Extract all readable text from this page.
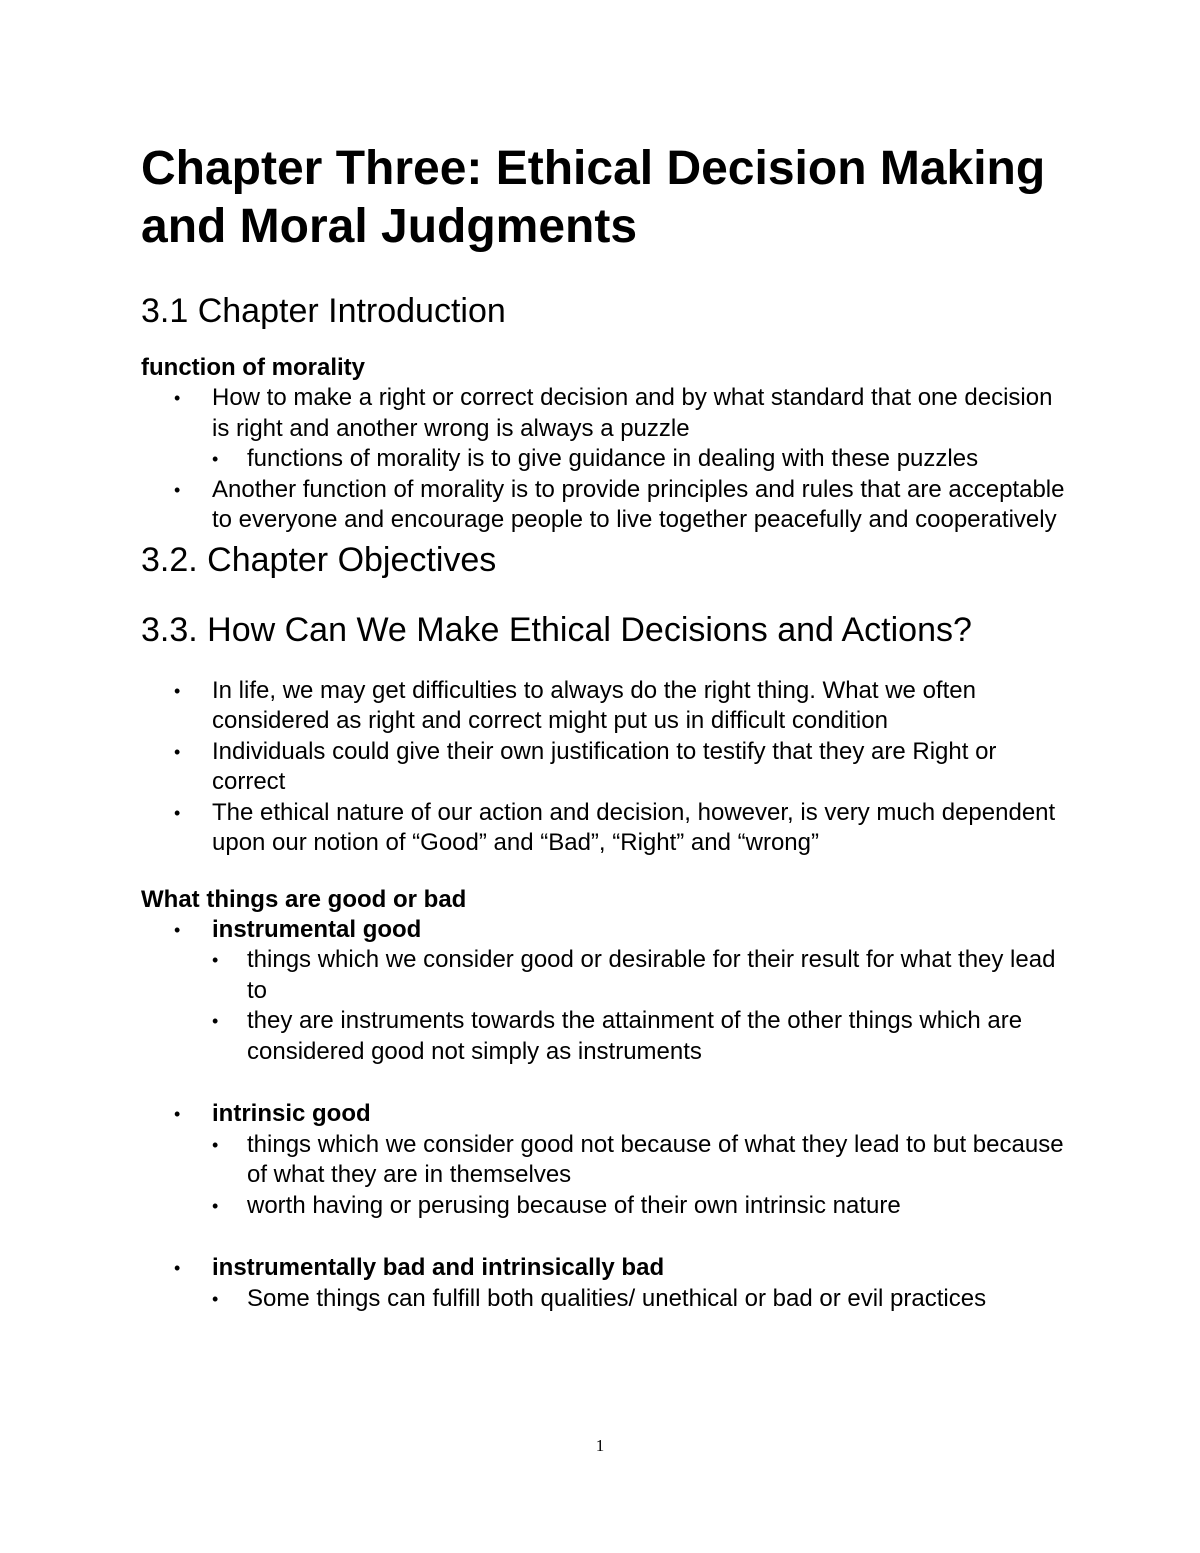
Chapter Three: Ethical Decision Making and Moral Judgments
3.1 Chapter Introduction

function of morality

• How to make a right or correct decision and by what standard that one decision is right and another wrong is always a puzzle
• functions of morality is to give guidance in dealing with these puzzles
• Another function of morality is to provide principles and rules that are acceptable to everyone and encourage people to live together peacefully and cooperatively
3.2. Chapter Objectives
3.3. How Can We Make Ethical Decisions and Actions?
• In life, we may get difficulties to always do the right thing. What we often considered as right and correct might put us in difficult condition
• Individuals could give their own justification to testify that they are Right or correct
• The ethical nature of our action and decision, however, is very much dependent upon our notion of “Good” and “Bad”, “Right” and “wrong”

What things are good or bad

• instrumental good
• things which we consider good or desirable for their result for what they lead to
• they are instruments towards the attainment of the other things which are considered good not simply as instruments
• intrinsic good
• things which we consider good not because of what they lead to but because of what they are in themselves
• worth having or perusing because of their own intrinsic nature
• instrumentally bad and intrinsically bad
• Some things can fulfill both qualities/ unethical or bad or evil practices
1
